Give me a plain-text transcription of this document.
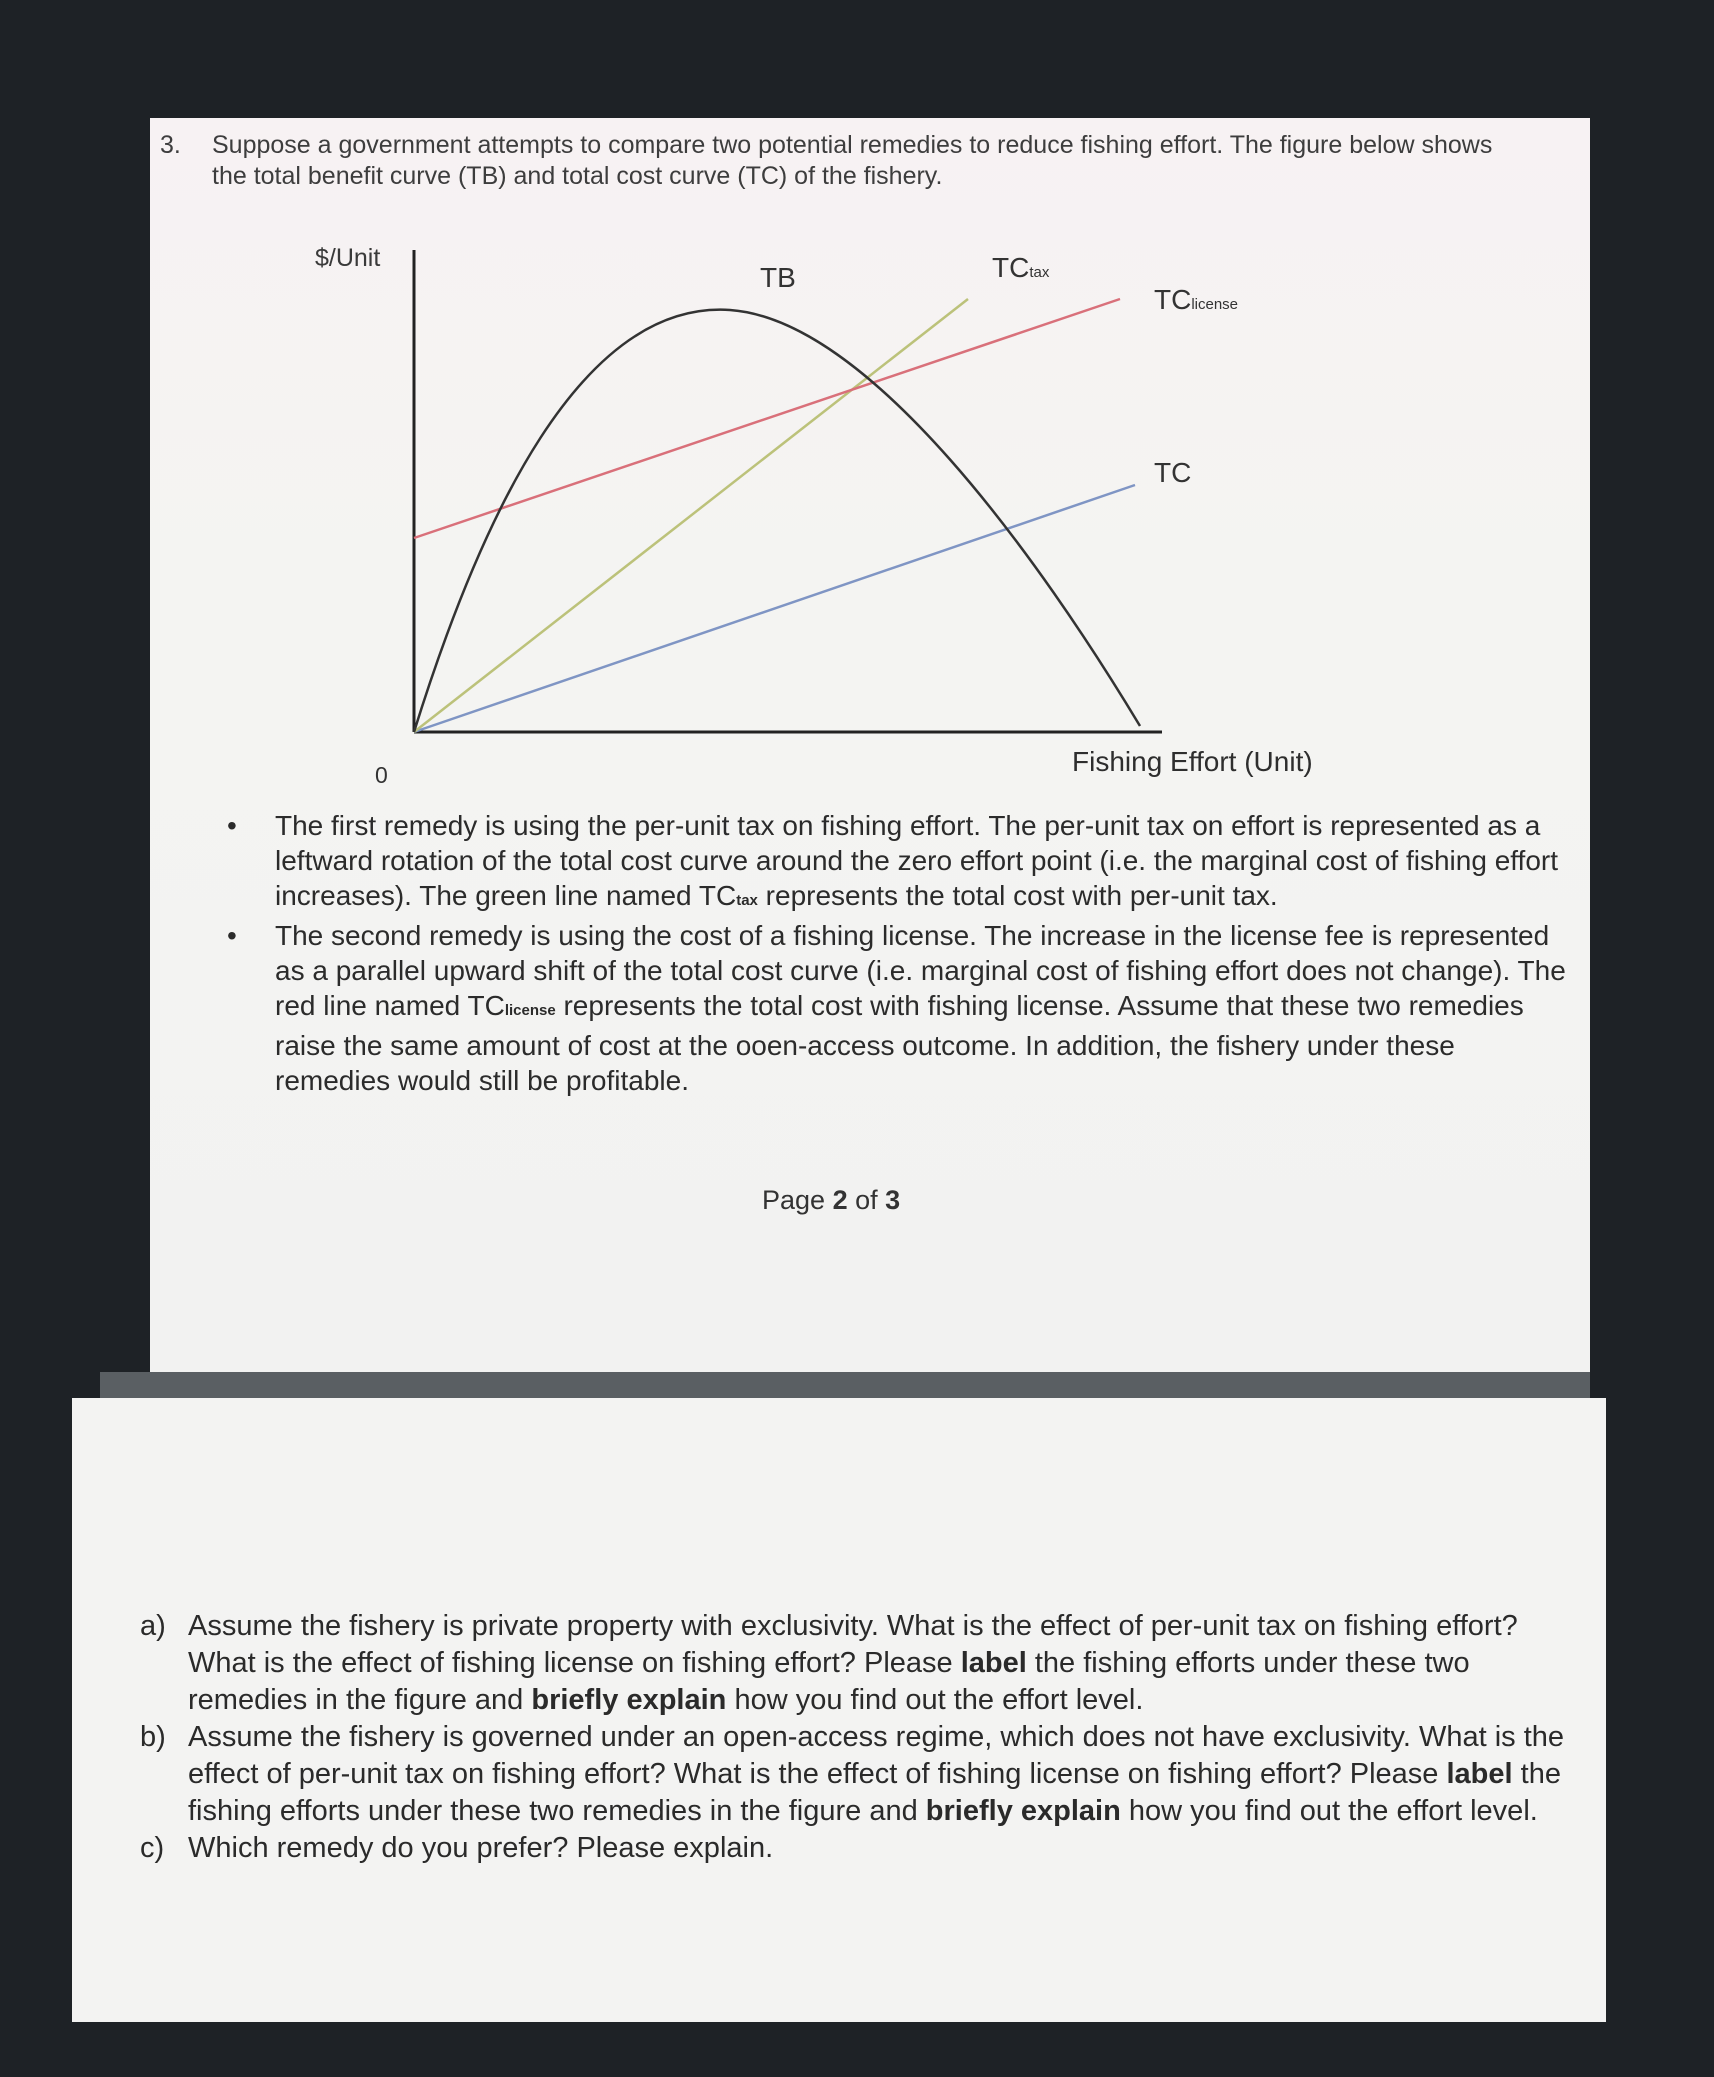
3. Suppose a government attempts to compare two potential remedies to reduce fishing effort. The figure below shows the total benefit curve (TB) and total cost curve (TC) of the fishery.
$/Unit
0	Fishing Effort (Unit)
TB	TCtax
TClicense
TC
• The first remedy is using the per-unit tax on fishing effort. The per-unit tax on effort is represented as a leftward rotation of the total cost curve around the zero effort point (i.e. the marginal cost of fishing effort increases). The green line named TCtax represents the total cost with per-unit tax.
• The second remedy is using the cost of a fishing license. The increase in the license fee is represented as a parallel upward shift of the total cost curve (i.e. marginal cost of fishing effort does not change). The red line named TClicense represents the total cost with fishing license. Assume that these two remedies raise the same amount of cost at the ooen-access outcome. In addition, the fishery under these remedies would still be profitable.
Page 2 of 3
a) Assume the fishery is private property with exclusivity. What is the effect of per-unit tax on fishing effort? What is the effect of fishing license on fishing effort? Please label the fishing efforts under these two remedies in the figure and briefly explain how you find out the effort level.
b) Assume the fishery is governed under an open-access regime, which does not have exclusivity. What is the effect of per-unit tax on fishing effort? What is the effect of fishing license on fishing effort? Please label the fishing efforts under these two remedies in the figure and briefly explain how you find out the effort level.
c) Which remedy do you prefer? Please explain.
